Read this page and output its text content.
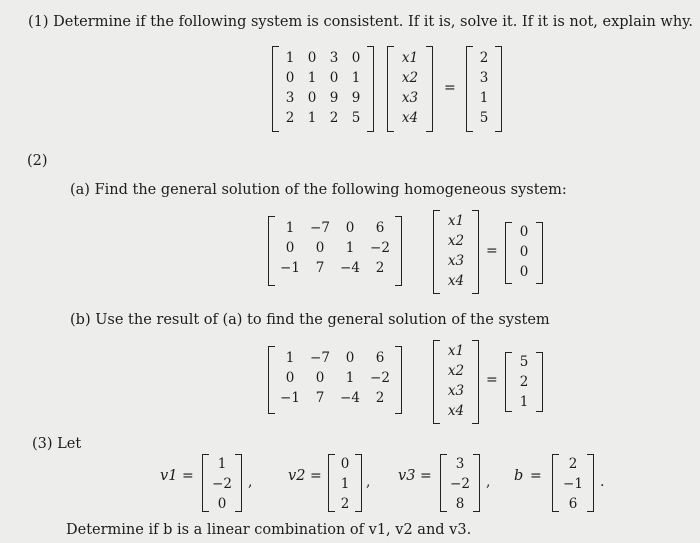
(1) Determine if the following system is consistent. If it is, solve it. If it is not, explain why.
1 0 3 0
0 1 0 1
3 0 9 9
2 1 2 5
x1
x2
x3
x4
=
2
3
1
5
(2)
(a) Find the general solution of the following homogeneous system:
1	−7	0	6
0	0	1	−2
−1	7	−4	2
x1
x2
x3
x4
=
0
0
0
(b) Use the result of (a) to find the general solution of the system
1	−7	0	6
0	0	1	−2
−1	7	−4	2
x1
x2
x3
x4
=
5
2
1
(3) Let
v1 =
1
−2
0
, v2 =
0
1
2
, v3 =
3
−2
8
, b =
2
−1
6
.
Determine if b is a linear combination of v1, v2 and v3.
